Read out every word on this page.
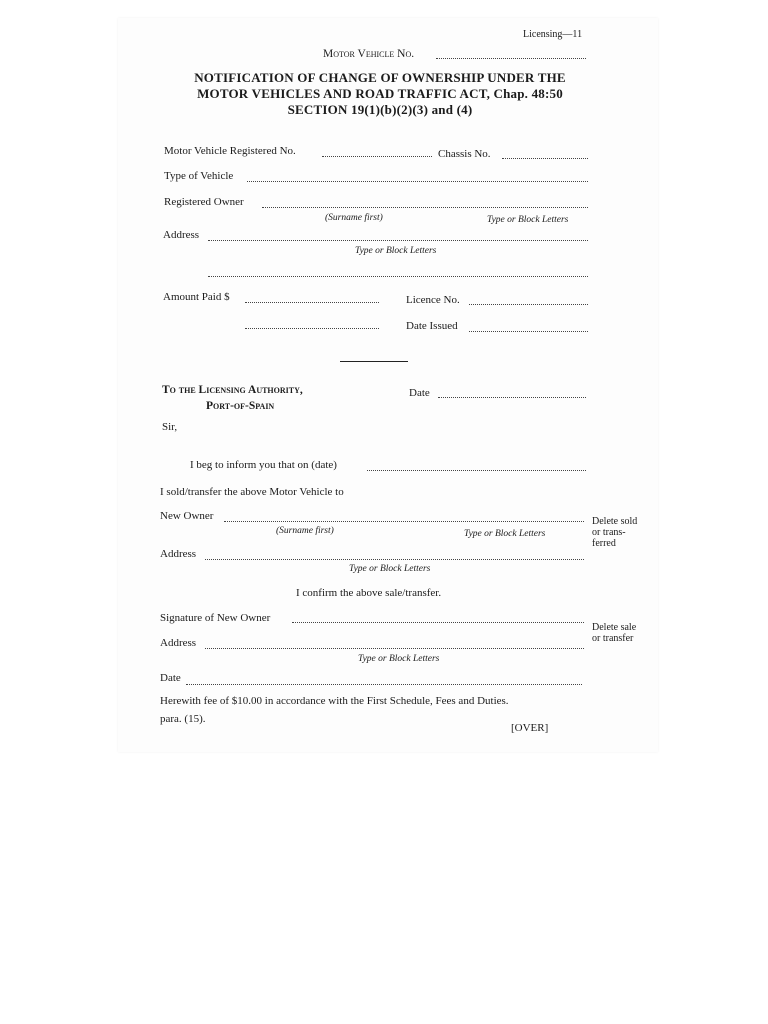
Licensing—11
Motor Vehicle No.
NOTIFICATION OF CHANGE OF OWNERSHIP UNDER THE
MOTOR VEHICLES AND ROAD TRAFFIC ACT, Chap. 48:50
SECTION 19(1)(b)(2)(3) and (4)
Motor Vehicle Registered No.	Chassis No.
Type of Vehicle
Registered Owner
(Surname first)	Type or Block Letters
Address
Type or Block Letters
Amount Paid $	Licence No.
Date Issued
To the Licensing Authority,
Port-of-Spain
Date
Sir,
I beg to inform you that on (date)
I sold/transfer the above Motor Vehicle to
New Owner
(Surname first)	Type or Block Letters
Address
Type or Block Letters
Delete sold or trans- ferred
I confirm the above sale/transfer.
Signature of New Owner
Address
Type or Block Letters
Delete sale or transfer
Date
Herewith fee of $10.00 in accordance with the First Schedule, Fees and Duties.
para. (15).
[OVER]
